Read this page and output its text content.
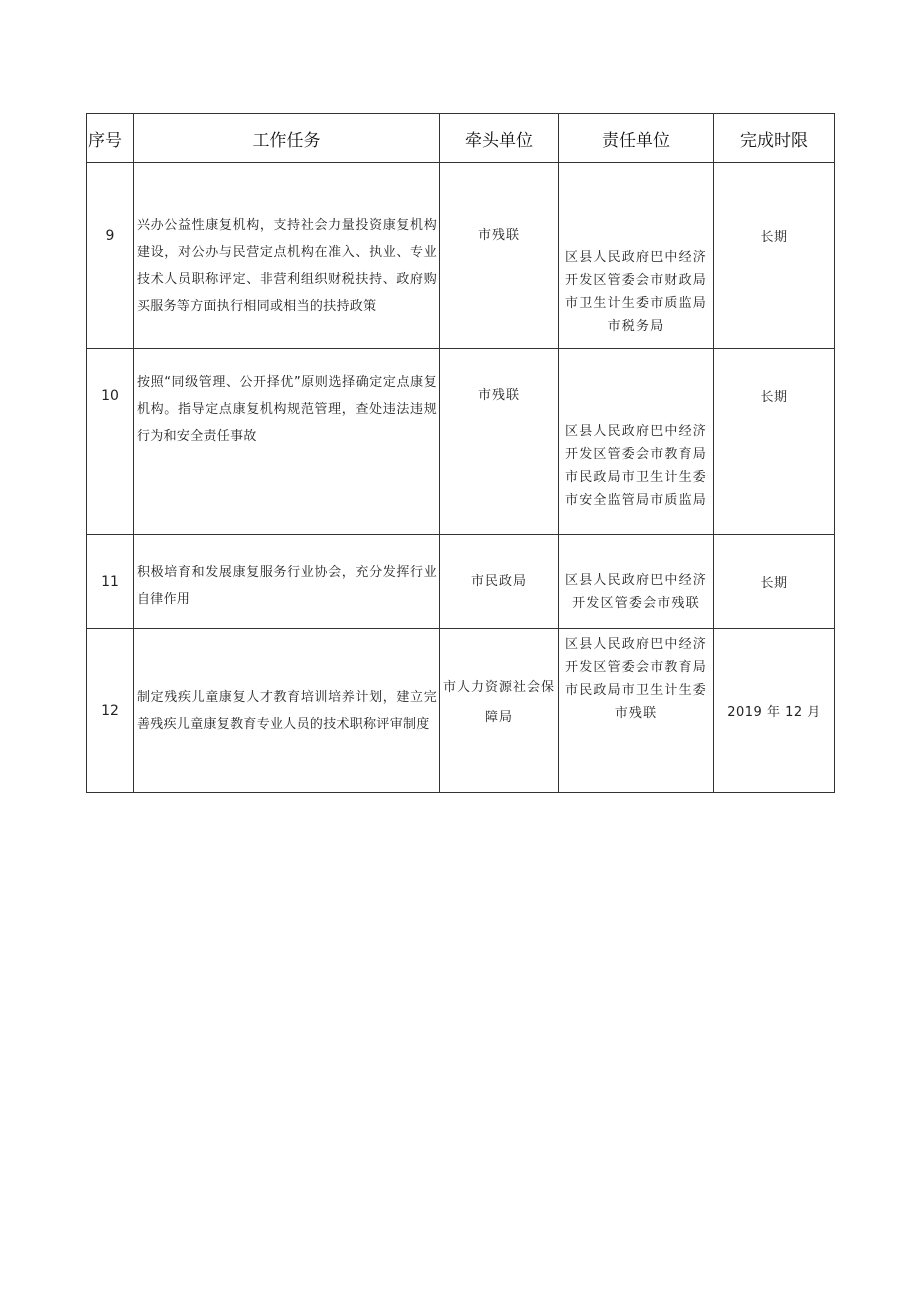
序号	工作任务	牵头单位	责任单位	完成时限
9	兴办公益性康复机构，支持社会力量投资康复机构建设，对公办与民营定点机构在准入、执业、专业技术人员职称评定、非营利组织财税扶持、政府购买服务等方面执行相同或相当的扶持政策	市残联	区县人民政府巴中经济开发区管委会市财政局市卫生计生委市质监局市税务局	长期

10	按照“同级管理、公开择优”原则选择确定定点康复机构。指导定点康复机构规范管理，查处违法违规行为和安全责任事故	市残联	区县人民政府巴中经济开发区管委会市教育局市民政局市卫生计生委市安全监管局市质监局	长期

11	积极培育和发展康复服务行业协会，充分发挥行业自律作用	市民政局	区县人民政府巴中经济开发区管委会市残联	长期

12	制定残疾儿童康复人才教育培训培养计划，建立完善残疾儿童康复教育专业人员的技术职称评审制度	市人力资源社会保障局	区县人民政府巴中经济开发区管委会市教育局市民政局市卫生计生委市残联	2019 年 12 月
